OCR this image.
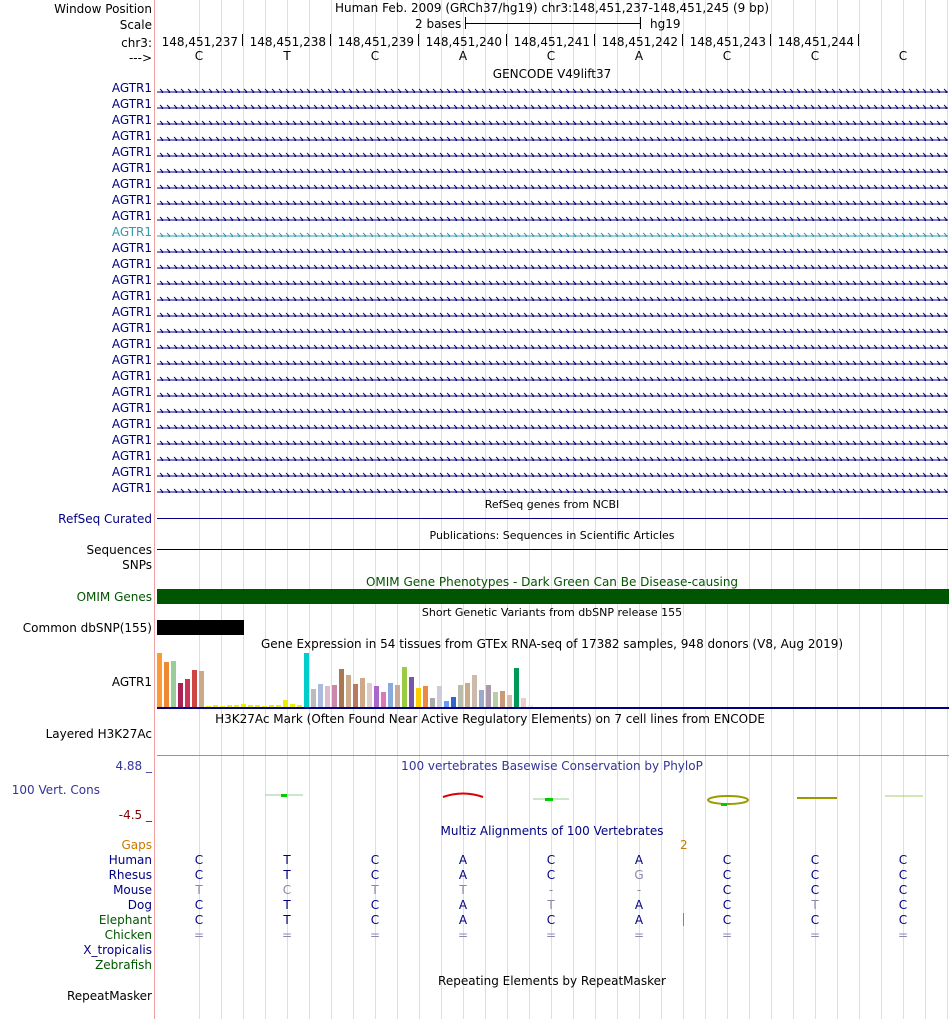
Window Position
Scale
chr3:
--->
Human Feb. 2009 (GRCh37/hg19) chr3:148,451,237-148,451,245 (9 bp)
2 bases	hg19
148,451,237 148,451,238 148,451,239 148,451,240 148,451,241 148,451,242 148,451,243 148,451,244
C	T	C	A	C	A	C	C	C
GENCODE V49lift37
AGTR1
AGTR1
AGTR1
AGTR1
AGTR1
AGTR1
AGTR1
AGTR1
AGTR1
AGTR1
AGTR1
AGTR1
AGTR1
AGTR1
AGTR1
AGTR1
AGTR1
AGTR1
AGTR1
AGTR1
AGTR1
AGTR1
AGTR1
AGTR1
AGTR1
AGTR1
RefSeq genes from NCBI
RefSeq Curated
Publications: Sequences in Scientific Articles
Sequences
SNPs
OMIM Gene Phenotypes - Dark Green Can Be Disease-causing
OMIM Genes
Short Genetic Variants from dbSNP release 155
Common dbSNP(155)
Gene Expression in 54 tissues from GTEx RNA-seq of 17382 samples, 948 donors (V8, Aug 2019)
AGTR1
H3K27Ac Mark (Often Found Near Active Regulatory Elements) on 7 cell lines from ENCODE
Layered H3K27Ac
100 vertebrates Basewise Conservation by PhyloP
4.88 _
100 Vert. Cons
-4.5 _
Multiz Alignments of 100 Vertebrates
Gaps	2
Human	C	T	C	A	C	A	C	C	C
Rhesus	C	T	C	A	C	G	C	C	C
Mouse	T	C	T	T	-	-	C	C	C
Dog	C	T	C	A	T	A	C	T	C
Elephant	C	T	C	A	C	A	C	C	C
Chicken	=	=	=	=	=	=	=	=	=
X_tropicalis
Zebrafish
Repeating Elements by RepeatMasker
RepeatMasker
